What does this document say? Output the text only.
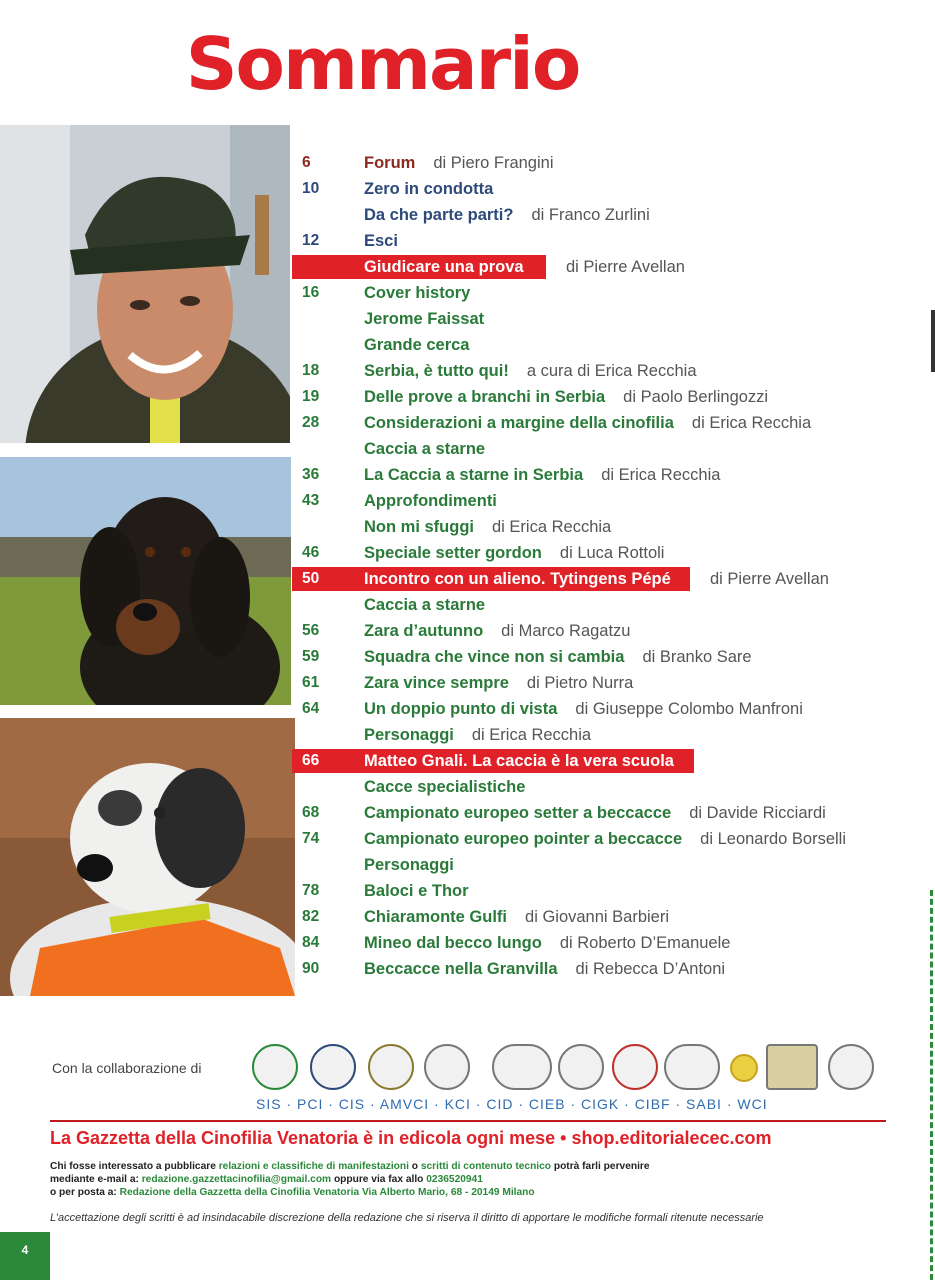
Sommario
6	Forum di Piero Frangini
10	Zero in condotta
Da che parte parti? di Franco Zurlini
12	Esci
Giudicare una prova	di Pierre Avellan
16	Cover history
Jerome Faissat
Grande cerca
18	Serbia, è tutto qui! a cura di Erica Recchia
19	Delle prove a branchi in Serbia di Paolo Berlingozzi
28	Considerazioni a margine della cinofilia di Erica Recchia
Caccia a starne
36	La Caccia a starne in Serbia di Erica Recchia
43	Approfondimenti
Non mi sfuggi di Erica Recchia
46	Speciale setter gordon di Luca Rottoli
50	Incontro con un alieno. Tytingens Pépé di Pierre Avellan
Caccia a starne
56	Zara d’autunno di Marco Ragatzu
59	Squadra che vince non si cambia di Branko Sare
61	Zara vince sempre di Pietro Nurra
64	Un doppio punto di vista di Giuseppe Colombo Manfroni
Personaggi di Erica Recchia
66	Matteo Gnali. La caccia è la vera scuola
Cacce specialistiche
68	Campionato europeo setter a beccacce di Davide Ricciardi
74	Campionato europeo pointer a beccacce di Leonardo Borselli
Personaggi
78	Baloci e Thor
82	Chiaramonte Gulfi di Giovanni Barbieri
84	Mineo dal becco lungo di Roberto D’Emanuele
90	Beccacce nella Granvilla di Rebecca D’Antoni
Con la collaborazione di
SIS · PCI · CIS · AMVCI · KCI · CID · CIEB · CIGK · CIBF · SABI · WCI
La Gazzetta della Cinofilia Venatoria è in edicola ogni mese • shop.editorialecec.com
Chi fosse interessato a pubblicare relazioni e classifiche di manifestazioni o scritti di contenuto tecnico potrà farli pervenire
mediante e-mail a: redazione.gazzettacinofilia@gmail.com oppure via fax allo 0236520941
o per posta a: Redazione della Gazzetta della Cinofilia Venatoria Via Alberto Mario, 68 - 20149 Milano
L’accettazione degli scritti è ad insindacabile discrezione della redazione che si riserva il diritto di apportare le modifiche formali ritenute necessarie
4
